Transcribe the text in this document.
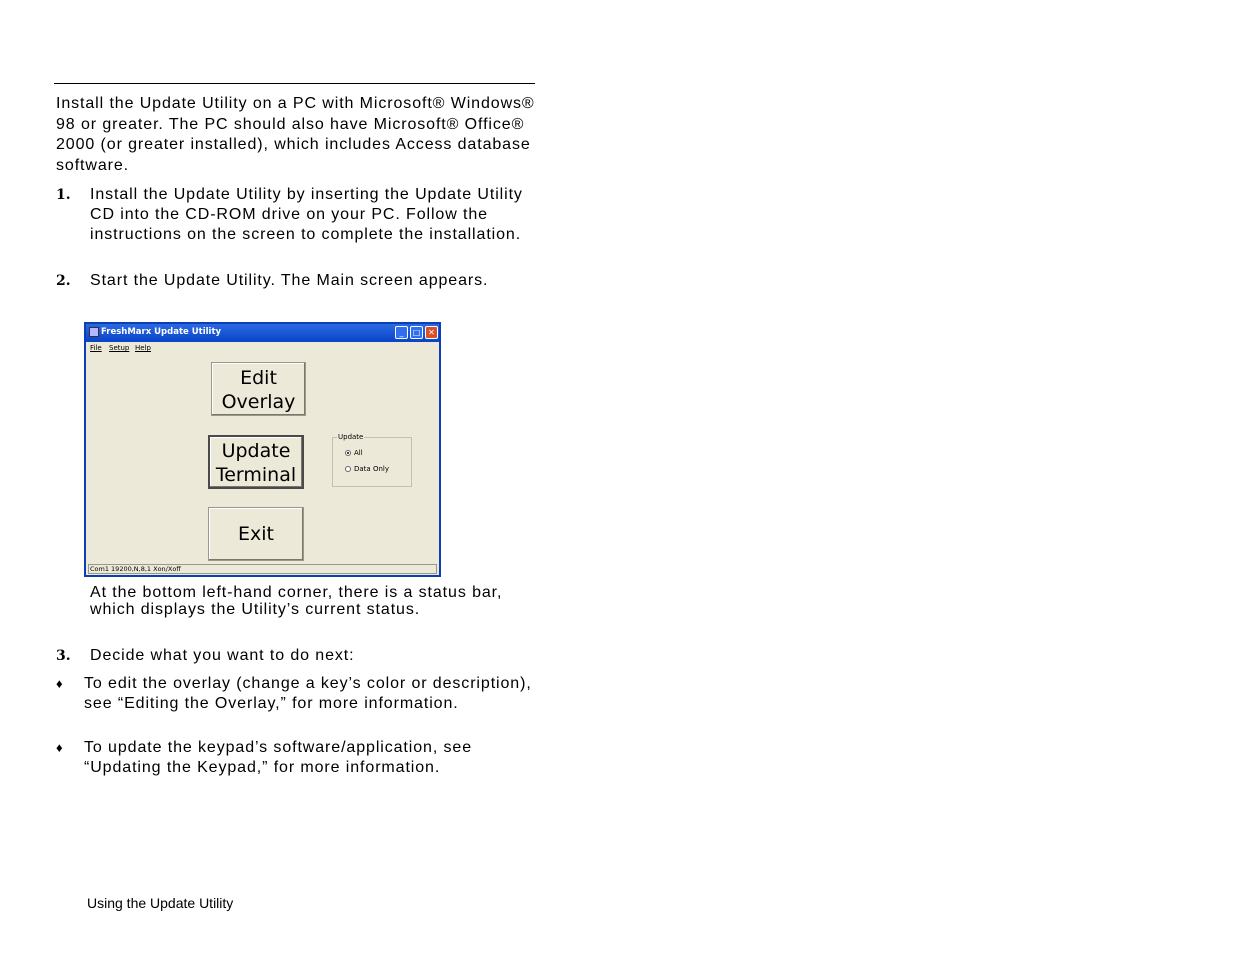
Install the Update Utility on a PC with Microsoft® Windows® 98 or greater. The PC should also have Microsoft® Office® 2000 (or greater installed), which includes Access database software.
1. Install the Update Utility by inserting the Update Utility CD into the CD-ROM drive on your PC. Follow the instructions on the screen to complete the installation.
2. Start the Update Utility. The Main screen appears.
FreshMarx Update Utility	_	□ ✕
File Setup Help
Edit
Overlay
Update
Terminal
Exit
Update
All
Data Only
Com1 19200,N,8,1 Xon/Xoff
At the bottom left-hand corner, there is a status bar, which displays the Utility’s current status.
3. Decide what you want to do next:
♦ To edit the overlay (change a key’s color or description), see “Editing the Overlay,” for more information.
♦ To update the keypad’s software/application, see “Updating the Keypad,” for more information.
Using the Update Utility
